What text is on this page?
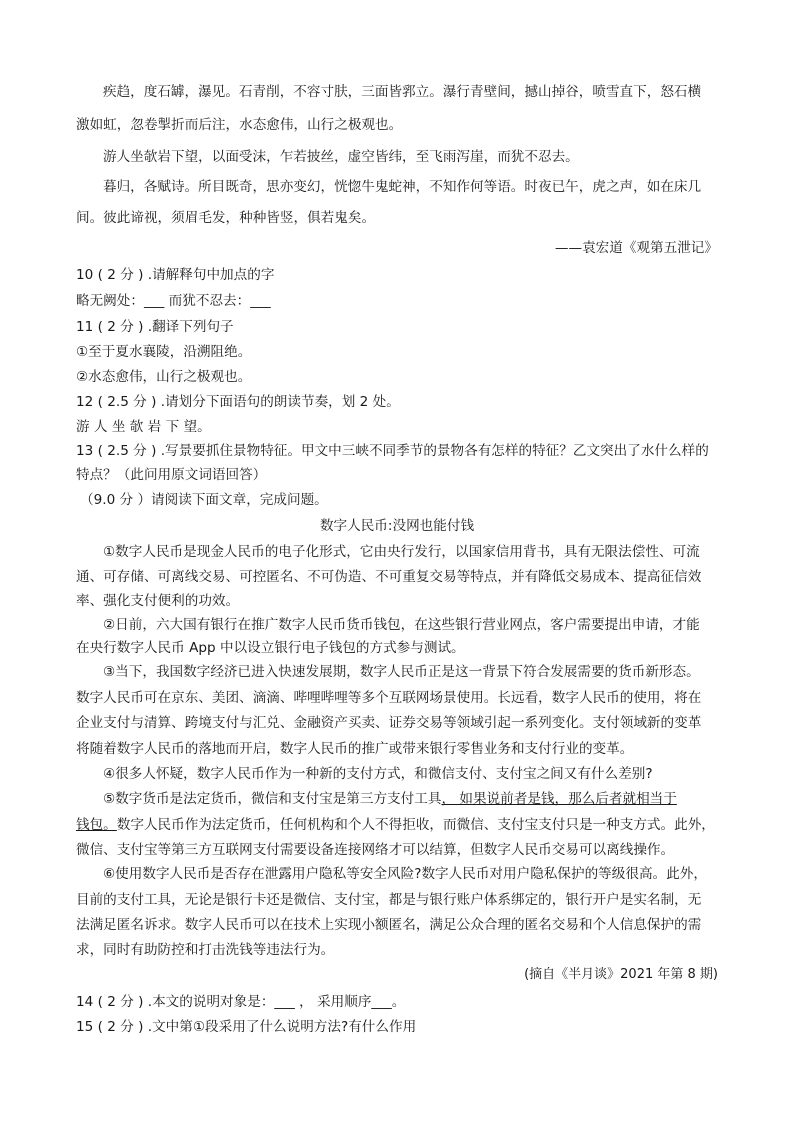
疾趋，度石罅，瀑见。石青削，不容寸肤，三面皆郛立。瀑行青壁间，撼山掉谷，喷雪直下，怒石横
激如虹，忽卷掣折而后注，水态愈伟，山行之极观也。
游人坐欹岩下望，以面受沫，乍若披丝，虚空皆纬，至飞雨泻崖，而犹不忍去。
暮归，各赋诗。所目既奇，思亦变幻，恍惚牛鬼蛇神，不知作何等语。时夜已午，虎之声，如在床几
间。彼此谛视，须眉毛发，种种皆竖，俱若鬼矣。
——袁宏道《观第五泄记》
10 ( 2 分 ) .请解释句中加点的字
略无阙处：___ 而犹不忍去：___
11 ( 2 分 ) .翻译下列句子
①至于夏水襄陵，沿溯阻绝。
②水态愈伟，山行之极观也。
12 ( 2.5 分 ) .请划分下面语句的朗读节奏，划 2 处。
游 人 坐 欹 岩 下 望。
13 ( 2.5 分 ) .写景要抓住景物特征。甲文中三峡不同季节的景物各有怎样的特征？乙文突出了水什么样的
特点？（此问用原文词语回答）
（9.0 分 ）请阅读下面文章，完成问题。
数字人民币:没网也能付钱
①数字人民币是现金人民币的电子化形式，它由央行发行，以国家信用背书，具有无限法偿性、可流
通、可存储、可离线交易、可控匿名、不可伪造、不可重复交易等特点，并有降低交易成本、提高征信效
率、强化支付便利的功效。
②日前，六大国有银行在推广数字人民币货币钱包，在这些银行营业网点，客户需要提出申请，才能
在央行数字人民币 App 中以设立银行电子钱包的方式参与测试。
③当下，我国数字经济已进入快速发展期，数字人民币正是这一背景下符合发展需要的货币新形态。
数字人民币可在京东、美团、滴滴、哔哩哔哩等多个互联网场景使用。长远看，数字人民币的使用，将在
企业支付与清算、跨境支付与汇兑、金融资产买卖、证券交易等领域引起一系列变化。支付领域新的变革
将随着数字人民币的落地而开启，数字人民币的推广或带来银行零售业务和支付行业的变革。
④很多人怀疑，数字人民币作为一种新的支付方式，和微信支付、支付宝之间又有什么差别?
⑤数字货币是法定货币，微信和支付宝是第三方支付工具， 如果说前者是钱，那么后者就相当于
钱包。数字人民币作为法定货币，任何机构和个人不得拒收，而微信、支付宝支付只是一种支方式。此外，
微信、支付宝等第三方互联网支付需要设备连接网络才可以结算，但数字人民币交易可以离线操作。
⑥使用数字人民币是否存在泄露用户隐私等安全风险?数字人民币对用户隐私保护的等级很高。此外，
目前的支付工具，无论是银行卡还是微信、支付宝，都是与银行账户体系绑定的，银行开户是实名制，无
法满足匿名诉求。数字人民币可以在技术上实现小额匿名，满足公众合理的匿名交易和个人信息保护的需
求，同时有助防控和打击洗钱等违法行为。
(摘自《半月谈》2021 年第 8 期)
14 ( 2 分 ) .本文的说明对象是：___ ， 采用顺序___。
15 ( 2 分 ) .文中第①段采用了什么说明方法?有什么作用
